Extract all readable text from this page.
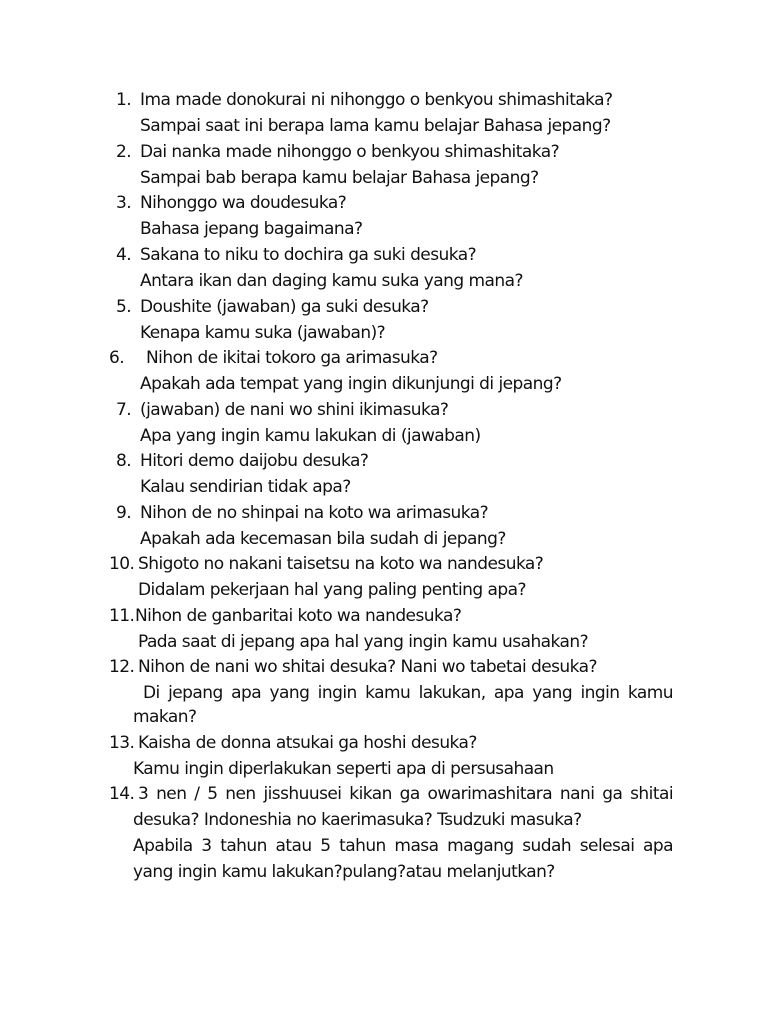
1. Ima made donokurai ni nihonggo o benkyou shimashitaka?
Sampai saat ini berapa lama kamu belajar Bahasa jepang?
2. Dai nanka made nihonggo o benkyou shimashitaka?
Sampai bab berapa kamu belajar Bahasa jepang?
3. Nihonggo wa doudesuka?
Bahasa jepang bagaimana?
4. Sakana to niku to dochira ga suki desuka?
Antara ikan dan daging kamu suka yang mana?
5. Doushite (jawaban) ga suki desuka?
Kenapa kamu suka (jawaban)?
6. Nihon de ikitai tokoro ga arimasuka?
Apakah ada tempat yang ingin dikunjungi di jepang?
7. (jawaban) de nani wo shini ikimasuka?
Apa yang ingin kamu lakukan di (jawaban)
8. Hitori demo daijobu desuka?
Kalau sendirian tidak apa?
9. Nihon de no shinpai na koto wa arimasuka?
Apakah ada kecemasan bila sudah di jepang?
10. Shigoto no nakani taisetsu na koto wa nandesuka?
Didalam pekerjaan hal yang paling penting apa?
11. Nihon de ganbaritai koto wa nandesuka?
Pada saat di jepang apa hal yang ingin kamu usahakan?
12. Nihon de nani wo shitai desuka? Nani wo tabetai desuka?
Di jepang apa yang ingin kamu lakukan, apa yang ingin kamu
makan?
13. Kaisha de donna atsukai ga hoshi desuka?
Kamu ingin diperlakukan seperti apa di persusahaan
14. 3 nen / 5 nen jisshuusei kikan ga owarimashitara nani ga shitai
desuka? Indoneshia no kaerimasuka? Tsudzuki masuka?
Apabila 3 tahun atau 5 tahun masa magang sudah selesai apa
yang ingin kamu lakukan?pulang?atau melanjutkan?
